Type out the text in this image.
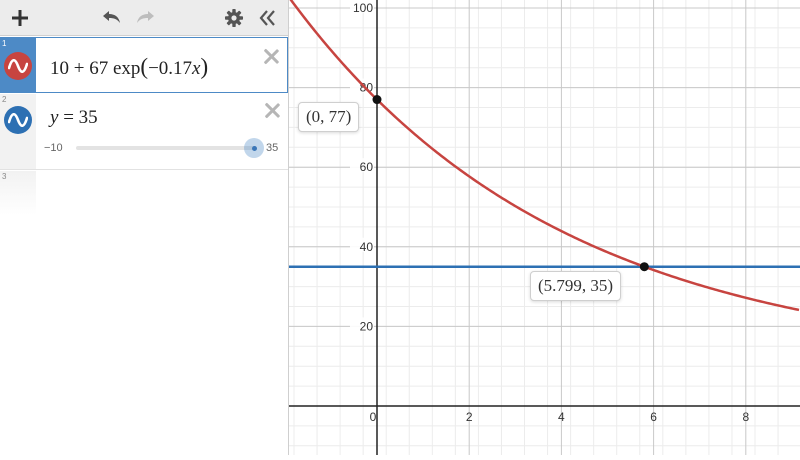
1
10 + 67 exp(−0.17x)
2
y = 35
−10	35
3
0	2	4	6	8
20
40
60
80
100
(0, 77)
(5.799, 35)
